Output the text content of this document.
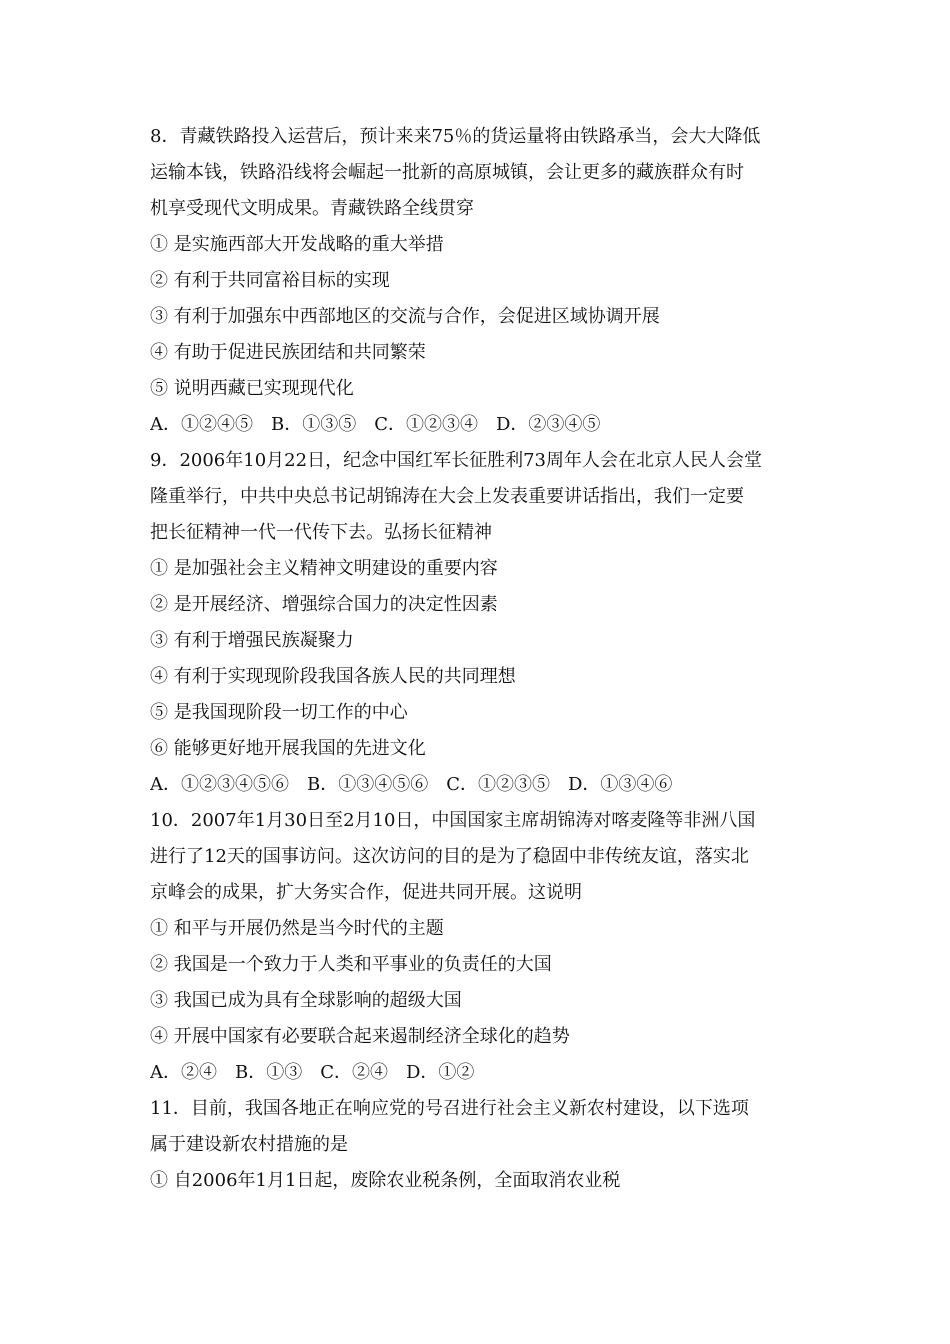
8．青藏铁路投入运营后，预计来来75％的货运量将由铁路承当，会大大降低
运输本钱，铁路沿线将会崛起一批新的高原城镇，会让更多的藏族群众有时
机享受现代文明成果。青藏铁路全线贯穿
① 是实施西部大开发战略的重大举措
② 有利于共同富裕目标的实现
③ 有利于加强东中西部地区的交流与合作，会促进区域协调开展
④ 有助于促进民族团结和共同繁荣
⑤ 说明西藏已实现现代化
A．①②④⑤　B．①③⑤　C．①②③④　D．②③④⑤
9．2006年10月22日，纪念中国红军长征胜利73周年人会在北京人民人会堂
隆重举行，中共中央总书记胡锦涛在大会上发表重要讲话指出，我们一定要
把长征精神一代一代传下去。弘扬长征精神
① 是加强社会主义精神文明建设的重要内容
② 是开展经济、增强综合国力的决定性因素
③ 有利于增强民族凝聚力
④ 有利于实现现阶段我国各族人民的共同理想
⑤ 是我国现阶段一切工作的中心
⑥ 能够更好地开展我国的先进文化
A．①②③④⑤⑥　B．①③④⑤⑥　C．①②③⑤　D．①③④⑥
10．2007年1月30日至2月10日，中国国家主席胡锦涛对喀麦隆等非洲八国
进行了12天的国事访问。这次访问的目的是为了稳固中非传统友谊，落实北
京峰会的成果，扩大务实合作，促进共同开展。这说明
① 和平与开展仍然是当今时代的主题
② 我国是一个致力于人类和平事业的负责任的大国
③ 我国已成为具有全球影响的超级大国
④ 开展中国家有必要联合起来遏制经济全球化的趋势
A．②④　B．①③　C．②④　D．①②
11．目前，我国各地正在响应党的号召进行社会主义新农村建设，以下选项
属于建设新农村措施的是
① 自2006年1月1日起，废除农业税条例，全面取消农业税
